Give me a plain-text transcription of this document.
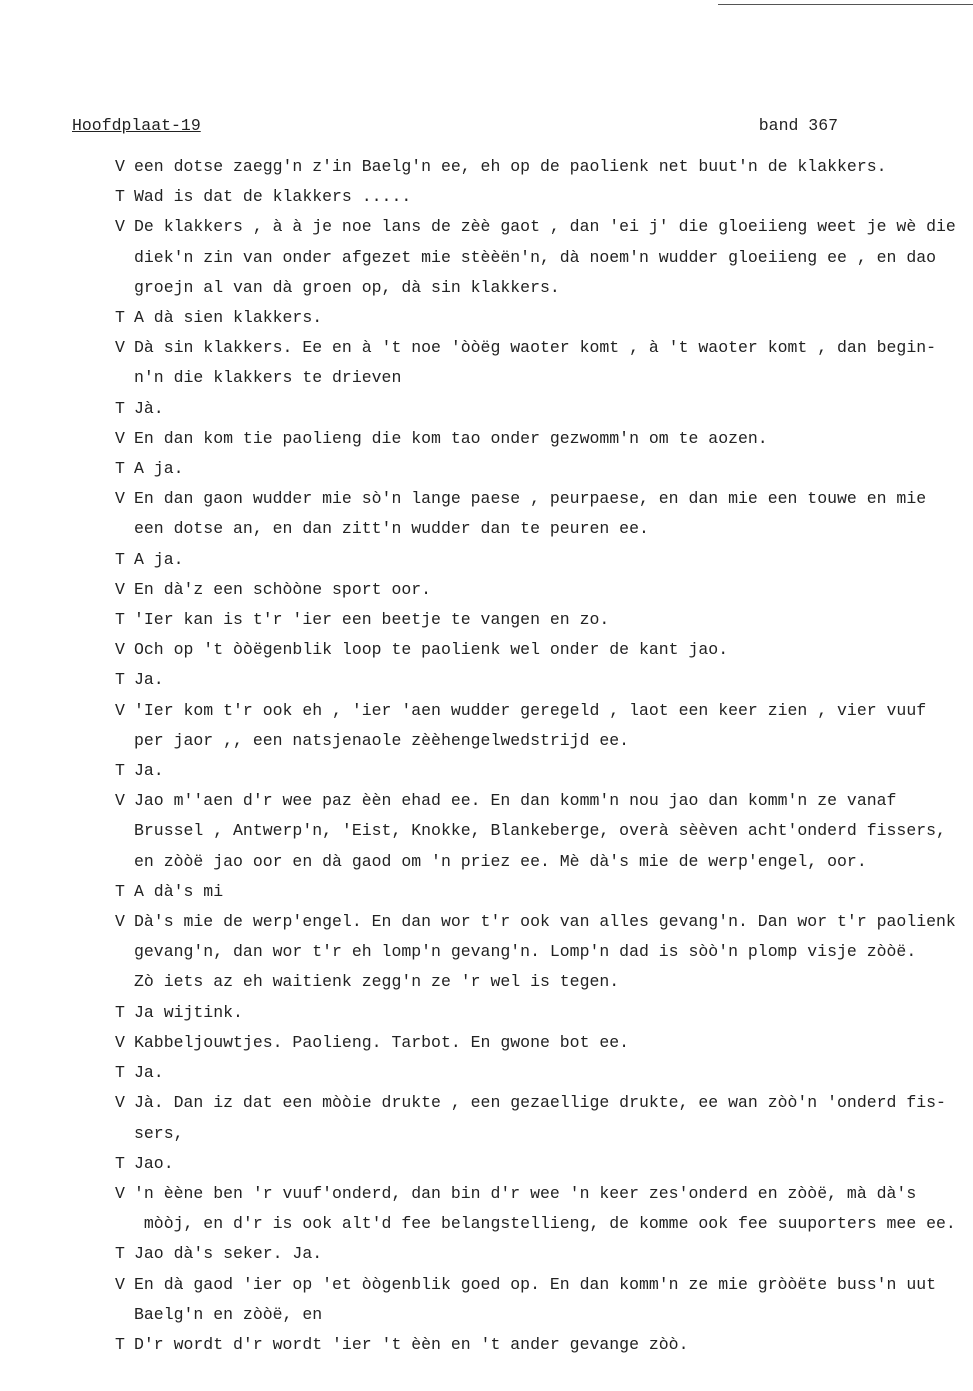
Hoofdplaat-19	band 367
V een dotse zaegg'n z'in Baelg'n ee, eh op de paolienk net buut'n de klakkers.
T Wad is dat de klakkers .....
V De klakkers , à à je noe lans de zèè gaot , dan 'ei j' die gloeiieng weet je wè die
diek'n zin van onder afgezet mie stèèën'n, dà noem'n wudder gloeiieng ee , en dao
groejn al van dà groen op, dà sin klakkers.
T A dà sien klakkers.
V Dà sin klakkers. Ee en à 't noe 'òòëg waoter komt , à 't waoter komt , dan begin-
n'n die klakkers te drieven
T Jà.
V En dan kom tie paolieng die kom tao onder gezwomm'n om te aozen.
T A ja.
V En dan gaon wudder mie sò'n lange paese , peurpaese, en dan mie een touwe en mie
een dotse an, en dan zitt'n wudder dan te peuren ee.
T A ja.
V En dà'z een schòòne sport oor.
T 'Ier kan is t'r 'ier een beetje te vangen en zo.
V Och op 't òòëgenblik loop te paolienk wel onder de kant jao.
T Ja.
V 'Ier kom t'r ook eh , 'ier 'aen wudder geregeld , laot een keer zien , vier vuuf
per jaor ,, een natsjenaole zèèhengelwedstrijd ee.
T Ja.
V Jao m''aen d'r wee paz èèn ehad ee. En dan komm'n nou jao dan komm'n ze vanaf
Brussel , Antwerp'n, 'Eist, Knokke, Blankeberge, overà sèèven acht'onderd fissers,
en zòòë jao oor en dà gaod om 'n priez ee. Mè dà's mie de werp'engel, oor.
T A dà's mi
V Dà's mie de werp'engel. En dan wor t'r ook van alles gevang'n. Dan wor t'r paolienk
gevang'n, dan wor t'r eh lomp'n gevang'n. Lomp'n dad is sòò'n plomp visje zòòë.
Zò iets az eh waitienk zegg'n ze 'r wel is tegen.
T Ja wijtink.
V Kabbeljouwtjes. Paolieng. Tarbot. En gwone bot ee.
T Ja.
V Jà. Dan iz dat een mòòie drukte , een gezaellige drukte, ee wan zòò'n 'onderd fis-
sers,
T Jao.
V 'n èène ben 'r vuuf'onderd, dan bin d'r wee 'n keer zes'onderd en zòòë, mà dà's
mòòj, en d'r is ook alt'd fee belangstellieng, de komme ook fee suuporters mee ee.
T Jao dà's seker. Ja.
V En dà gaod 'ier op 'et òògenblik goed op. En dan komm'n ze mie gròòëte buss'n uut
Baelg'n en zòòë, en
T D'r wordt d'r wordt 'ier 't èèn en 't ander gevange zòò.
